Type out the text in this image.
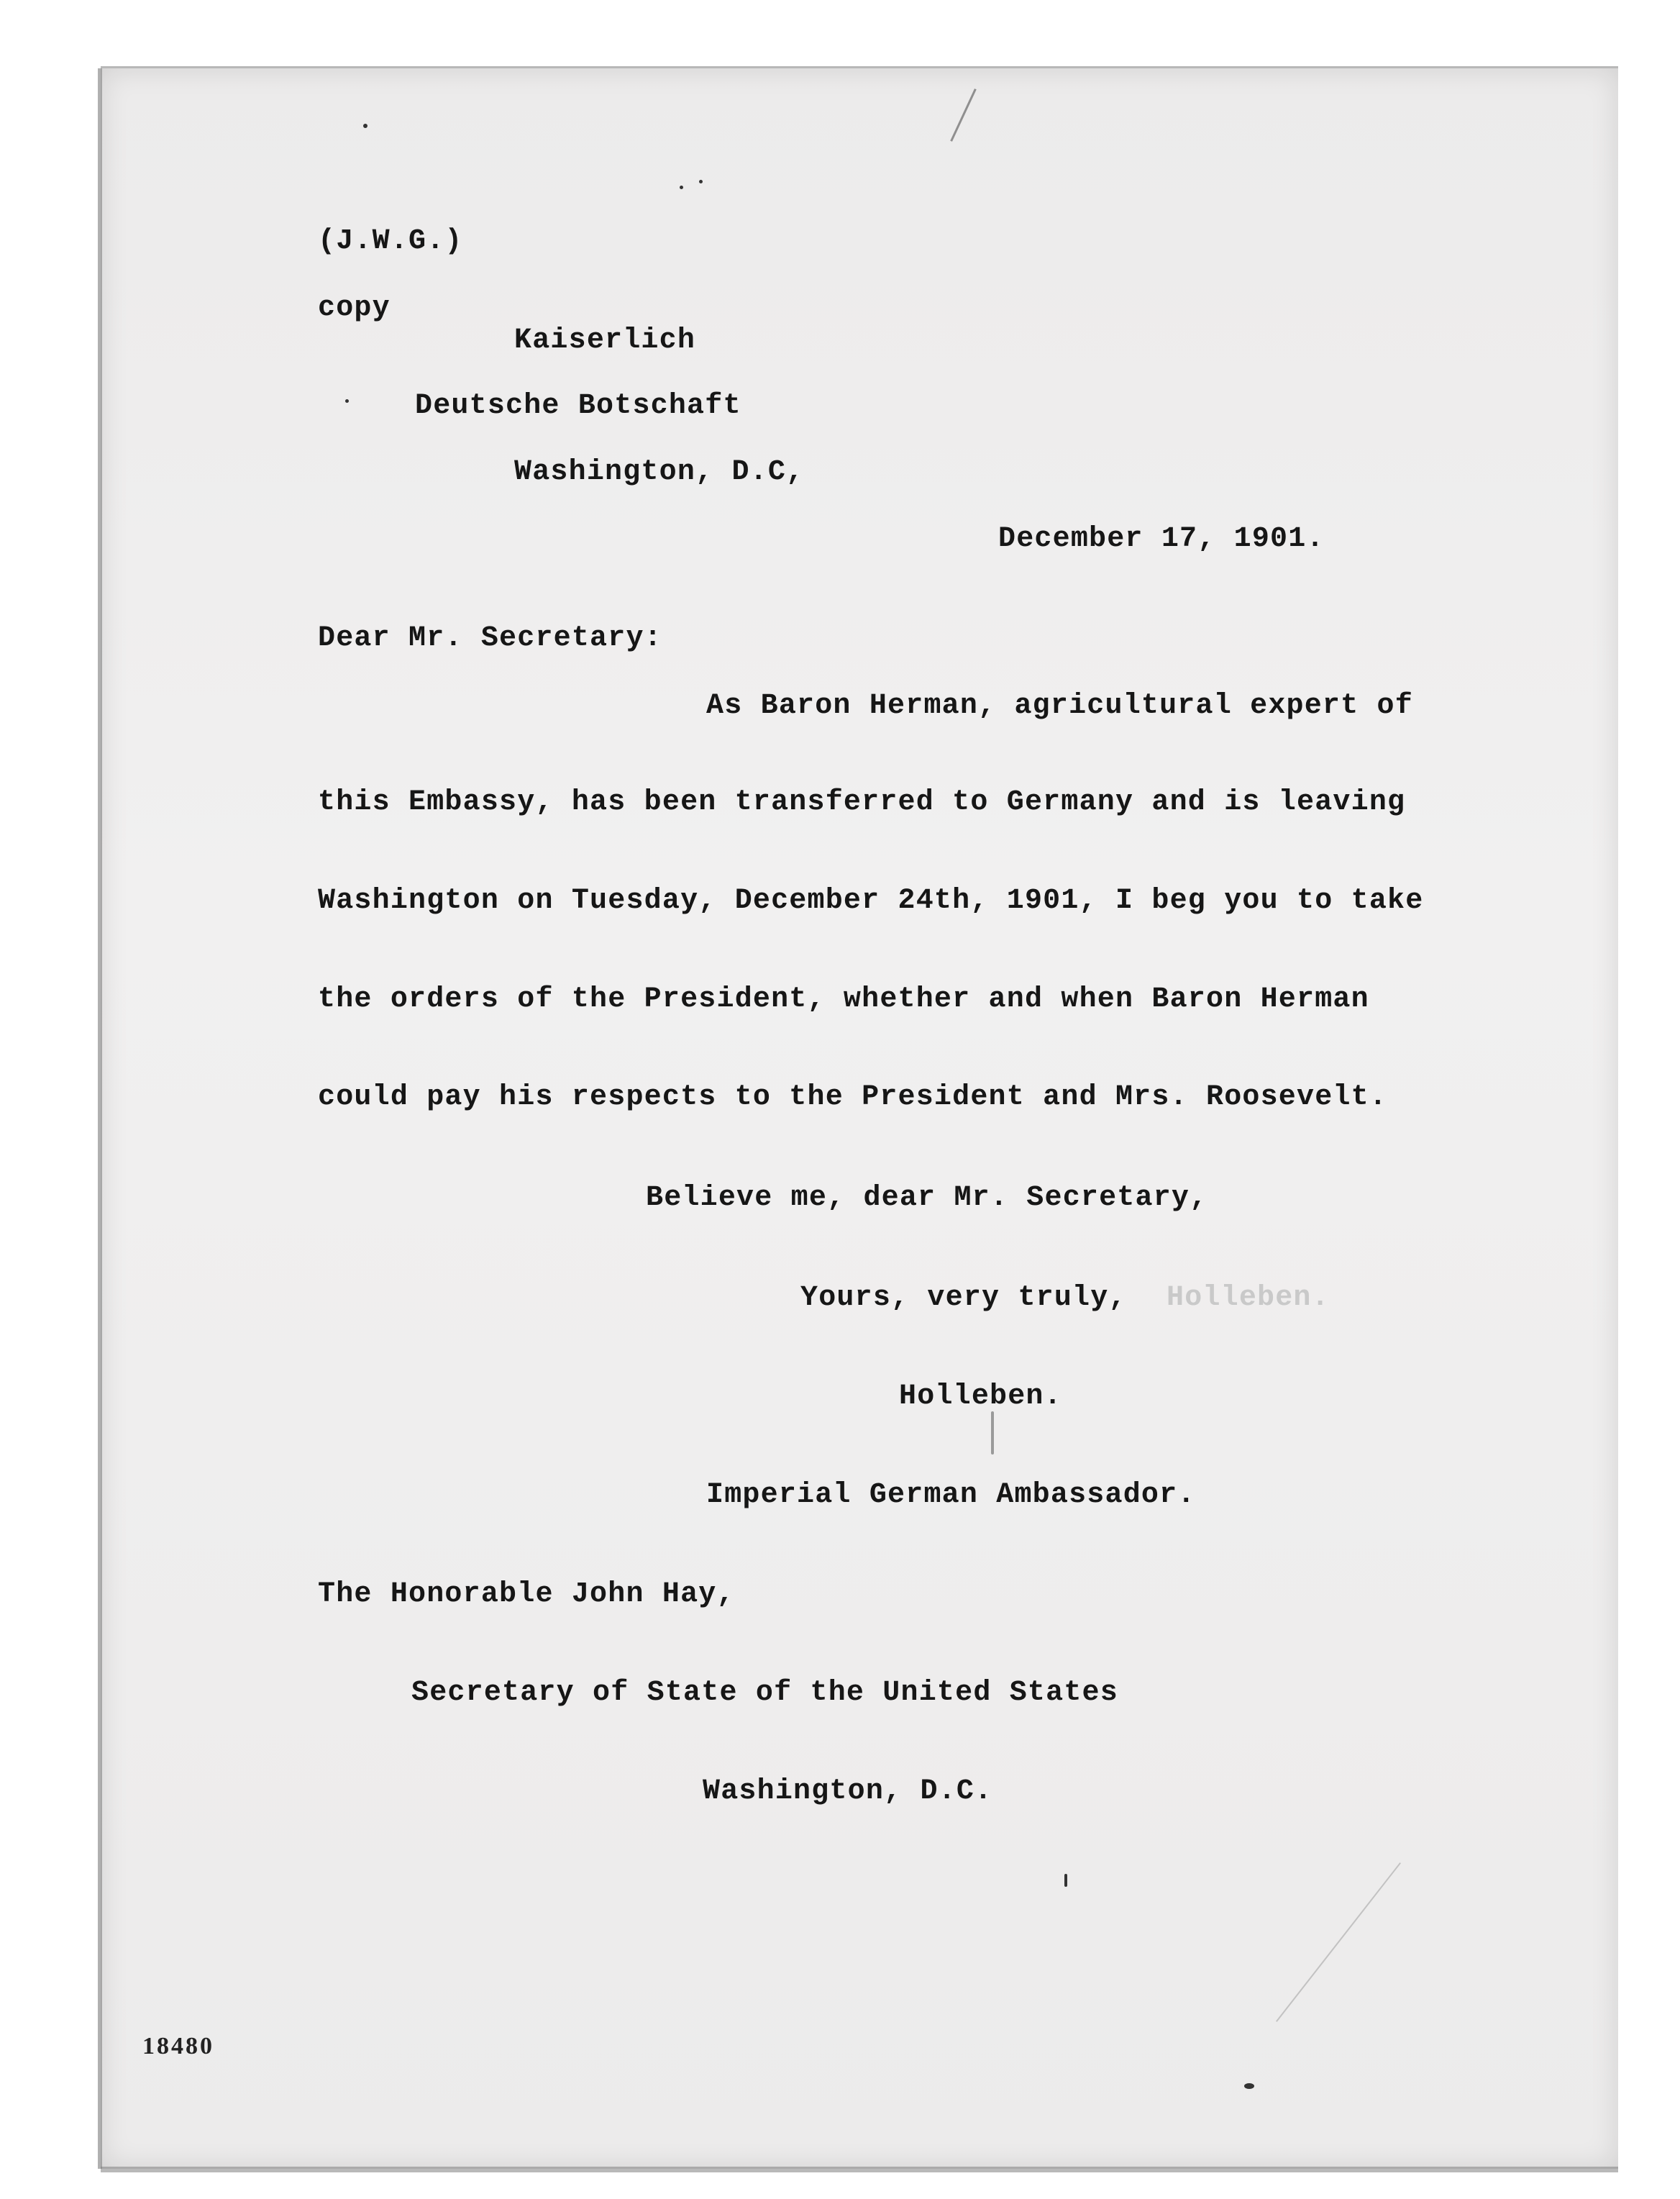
(J.W.G.)
copy
Kaiserlich
Deutsche Botschaft
Washington, D.C,
December 17, 1901.
Dear Mr. Secretary:
As Baron Herman, agricultural expert of
this Embassy, has been transferred to Germany and is leaving
Washington on Tuesday, December 24th, 1901, I beg you to take
the orders of the President, whether and when Baron Herman
could pay his respects to the President and Mrs. Roosevelt.
Believe me, dear Mr. Secretary,
Yours, very truly, Holleben.
Holleben.
Imperial German Ambassador.
The Honorable John Hay,
Secretary of State of the United States
Washington, D.C.
18480
